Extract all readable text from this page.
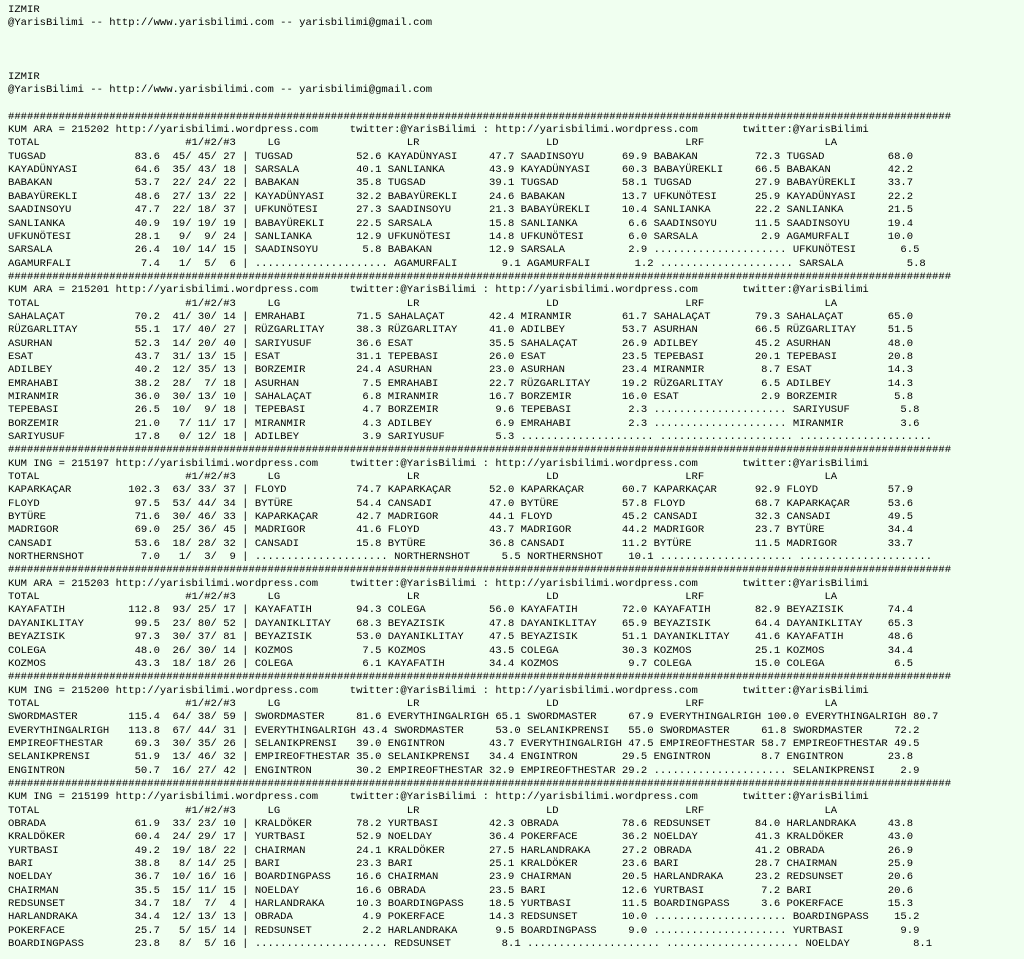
IZMIR
@YarisBilimi -- http://www.yarisbilimi.com -- yarisbilimi@gmail.com
IZMIR
@YarisBilimi -- http://www.yarisbilimi.com -- yarisbilimi@gmail.com
#####################################################################################################################################################
KUM ARA = 215202 http://yarisbilimi.wordpress.com     twitter:@YarisBilimi : http://yarisbilimi.wordpress.com       twitter:@YarisBilimi
TOTAL                       #1/#2/#3     LG                    LR                    LD                    LRF                   LA
TUGSAD              83.6  45/ 45/ 27 | TUGSAD          52.6 KAYADÜNYASI     47.7 SAADINSOYU      69.9 BABAKAN         72.3 TUGSAD          68.0
KAYADÜNYASI         64.6  35/ 43/ 18 | SARSALA         40.1 SANLIANKA       43.9 KAYADÜNYASI     60.3 BABAYÜREKLI     66.5 BABAKAN         42.2
BABAKAN             53.7  22/ 24/ 22 | BABAKAN         35.8 TUGSAD          39.1 TUGSAD          58.1 TUGSAD          27.9 BABAYÜREKLI     33.7
BABAYÜREKLI         48.6  27/ 13/ 22 | KAYADÜNYASI     32.2 BABAYÜREKLI     24.6 BABAKAN         13.7 UFKUNÖTESI      25.9 KAYADÜNYASI     22.2
SAADINSOYU          47.7  22/ 18/ 37 | UFKUNÖTESI      27.3 SAADINSOYU      21.3 BABAYÜREKLI     10.4 SANLIANKA       22.2 SANLIANKA       21.5
SANLIANKA           40.9  19/ 19/ 19 | BABAYÜREKLI     22.5 SARSALA         15.8 SANLIANKA        6.6 SAADINSOYU      11.5 SAADINSOYU      19.4
UFKUNÖTESI          28.1   9/  9/ 24 | SANLIANKA       12.9 UFKUNÖTESI      14.8 UFKUNÖTESI       6.0 SARSALA          2.9 AGAMURFALI      10.0
SARSALA             26.4  10/ 14/ 15 | SAADINSOYU       5.8 BABAKAN         12.9 SARSALA          2.9 ..................... UFKUNÖTESI       6.5
AGAMURFALI           7.4   1/  5/  6 | ..................... AGAMURFALI       9.1 AGAMURFALI       1.2 ..................... SARSALA          5.8
#####################################################################################################################################################
KUM ARA = 215201 http://yarisbilimi.wordpress.com     twitter:@YarisBilimi : http://yarisbilimi.wordpress.com       twitter:@YarisBilimi
TOTAL                       #1/#2/#3     LG                    LR                    LD                    LRF                   LA
SAHALAÇAT           70.2  41/ 30/ 14 | EMRAHABI        71.5 SAHALAÇAT       42.4 MIRANMIR        61.7 SAHALAÇAT       79.3 SAHALAÇAT       65.0
RÜZGARLITAY         55.1  17/ 40/ 27 | RÜZGARLITAY     38.3 RÜZGARLITAY     41.0 ADILBEY         53.7 ASURHAN         66.5 RÜZGARLITAY     51.5
ASURHAN             52.3  14/ 20/ 40 | SARIYUSUF       36.6 ESAT            35.5 SAHALAÇAT       26.9 ADILBEY         45.2 ASURHAN         48.0
ESAT                43.7  31/ 13/ 15 | ESAT            31.1 TEPEBASI        26.0 ESAT            23.5 TEPEBASI        20.1 TEPEBASI        20.8
ADILBEY             40.2  12/ 35/ 13 | BORZEMIR        24.4 ASURHAN         23.0 ASURHAN         23.4 MIRANMIR         8.7 ESAT            14.3
EMRAHABI            38.2  28/  7/ 18 | ASURHAN          7.5 EMRAHABI        22.7 RÜZGARLITAY     19.2 RÜZGARLITAY      6.5 ADILBEY         14.3
MIRANMIR            36.0  30/ 13/ 10 | SAHALAÇAT        6.8 MIRANMIR        16.7 BORZEMIR        16.0 ESAT             2.9 BORZEMIR         5.8
TEPEBASI            26.5  10/  9/ 18 | TEPEBASI         4.7 BORZEMIR         9.6 TEPEBASI         2.3 ..................... SARIYUSUF        5.8
BORZEMIR            21.0   7/ 11/ 17 | MIRANMIR         4.3 ADILBEY          6.9 EMRAHABI         2.3 ..................... MIRANMIR         3.6
SARIYUSUF           17.8   0/ 12/ 18 | ADILBEY          3.9 SARIYUSUF        5.3 ..................... ..................... .....................
#####################################################################################################################################################
KUM ING = 215197 http://yarisbilimi.wordpress.com     twitter:@YarisBilimi : http://yarisbilimi.wordpress.com       twitter:@YarisBilimi
TOTAL                       #1/#2/#3     LG                    LR                    LD                    LRF                   LA
KAPARKAÇAR         102.3  63/ 33/ 37 | FLOYD           74.7 KAPARKAÇAR      52.0 KAPARKAÇAR      60.7 KAPARKAÇAR      92.9 FLOYD           57.9
FLOYD               97.5  53/ 44/ 34 | BYTÜRE          54.4 CANSADI         47.0 BYTÜRE          57.8 FLOYD           68.7 KAPARKAÇAR      53.6
BYTÜRE              71.6  30/ 46/ 33 | KAPARKAÇAR      42.7 MADRIGOR        44.1 FLOYD           45.2 CANSADI         32.3 CANSADI         49.5
MADRIGOR            69.0  25/ 36/ 45 | MADRIGOR        41.6 FLOYD           43.7 MADRIGOR        44.2 MADRIGOR        23.7 BYTÜRE          34.4
CANSADI             53.6  18/ 28/ 32 | CANSADI         15.8 BYTÜRE          36.8 CANSADI         11.2 BYTÜRE          11.5 MADRIGOR        33.7
NORTHERNSHOT         7.0   1/  3/  9 | ..................... NORTHERNSHOT     5.5 NORTHERNSHOT    10.1 ..................... .....................
#####################################################################################################################################################
KUM ARA = 215203 http://yarisbilimi.wordpress.com     twitter:@YarisBilimi : http://yarisbilimi.wordpress.com       twitter:@YarisBilimi
TOTAL                       #1/#2/#3     LG                    LR                    LD                    LRF                   LA
KAYAFATIH          112.8  93/ 25/ 17 | KAYAFATIH       94.3 COLEGA          56.0 KAYAFATIH       72.0 KAYAFATIH       82.9 BEYAZISIK       74.4
DAYANIKLITAY        99.5  23/ 80/ 52 | DAYANIKLITAY    68.3 BEYAZISIK       47.8 DAYANIKLITAY    65.9 BEYAZISIK       64.4 DAYANIKLITAY    65.3
BEYAZISIK           97.3  30/ 37/ 81 | BEYAZISIK       53.0 DAYANIKLITAY    47.5 BEYAZISIK       51.1 DAYANIKLITAY    41.6 KAYAFATIH       48.6
COLEGA              48.0  26/ 30/ 14 | KOZMOS           7.5 KOZMOS          43.5 COLEGA          30.3 KOZMOS          25.1 KOZMOS          34.4
KOZMOS              43.3  18/ 18/ 26 | COLEGA           6.1 KAYAFATIH       34.4 KOZMOS           9.7 COLEGA          15.0 COLEGA           6.5
#####################################################################################################################################################
KUM ING = 215200 http://yarisbilimi.wordpress.com     twitter:@YarisBilimi : http://yarisbilimi.wordpress.com       twitter:@YarisBilimi
TOTAL                       #1/#2/#3     LG                    LR                    LD                    LRF                   LA
SWORDMASTER        115.4  64/ 38/ 59 | SWORDMASTER     81.6 EVERYTHINGALRIGH 65.1 SWORDMASTER     67.9 EVERYTHINGALRIGH 100.0 EVERYTHINGALRIGH 80.7
EVERYTHINGALRIGH   113.8  67/ 44/ 31 | EVERYTHINGALRIGH 43.4 SWORDMASTER     53.0 SELANIKPRENSI   55.0 SWORDMASTER     61.8 SWORDMASTER     72.2
EMPIREOFTHESTAR     69.3  30/ 35/ 26 | SELANIKPRENSI   39.0 ENGINTRON       43.7 EVERYTHINGALRIGH 47.5 EMPIREOFTHESTAR 58.7 EMPIREOFTHESTAR 49.5
SELANIKPRENSI       51.9  13/ 46/ 32 | EMPIREOFTHESTAR 35.0 SELANIKPRENSI   34.4 ENGINTRON       29.5 ENGINTRON        8.7 ENGINTRON       23.8
ENGINTRON           50.7  16/ 27/ 42 | ENGINTRON       30.2 EMPIREOFTHESTAR 32.9 EMPIREOFTHESTAR 29.2 ..................... SELANIKPRENSI    2.9
#####################################################################################################################################################
KUM ING = 215199 http://yarisbilimi.wordpress.com     twitter:@YarisBilimi : http://yarisbilimi.wordpress.com       twitter:@YarisBilimi
TOTAL                       #1/#2/#3     LG                    LR                    LD                    LRF                   LA
OBRADA              61.9  33/ 23/ 10 | KRALDÖKER       78.2 YURTBASI        42.3 OBRADA          78.6 REDSUNSET       84.0 HARLANDRAKA     43.8
KRALDÖKER           60.4  24/ 29/ 17 | YURTBASI        52.9 NOELDAY         36.4 POKERFACE       36.2 NOELDAY         41.3 KRALDÖKER       43.0
YURTBASI            49.2  19/ 18/ 22 | CHAIRMAN        24.1 KRALDÖKER       27.5 HARLANDRAKA     27.2 OBRADA          41.2 OBRADA          26.9
BARI                38.8   8/ 14/ 25 | BARI            23.3 BARI            25.1 KRALDÖKER       23.6 BARI            28.7 CHAIRMAN        25.9
NOELDAY             36.7  10/ 16/ 16 | BOARDINGPASS    16.6 CHAIRMAN        23.9 CHAIRMAN        20.5 HARLANDRAKA     23.2 REDSUNSET       20.6
CHAIRMAN            35.5  15/ 11/ 15 | NOELDAY         16.6 OBRADA          23.5 BARI            12.6 YURTBASI         7.2 BARI            20.6
REDSUNSET           34.7  18/  7/  4 | HARLANDRAKA     10.3 BOARDINGPASS    18.5 YURTBASI        11.5 BOARDINGPASS     3.6 POKERFACE       15.3
HARLANDRAKA         34.4  12/ 13/ 13 | OBRADA           4.9 POKERFACE       14.3 REDSUNSET       10.0 ..................... BOARDINGPASS    15.2
POKERFACE           25.7   5/ 15/ 14 | REDSUNSET        2.2 HARLANDRAKA      9.5 BOARDINGPASS     9.0 ..................... YURTBASI         9.9
BOARDINGPASS        23.8   8/  5/ 16 | ..................... REDSUNSET        8.1 ..................... ..................... NOELDAY          8.1
